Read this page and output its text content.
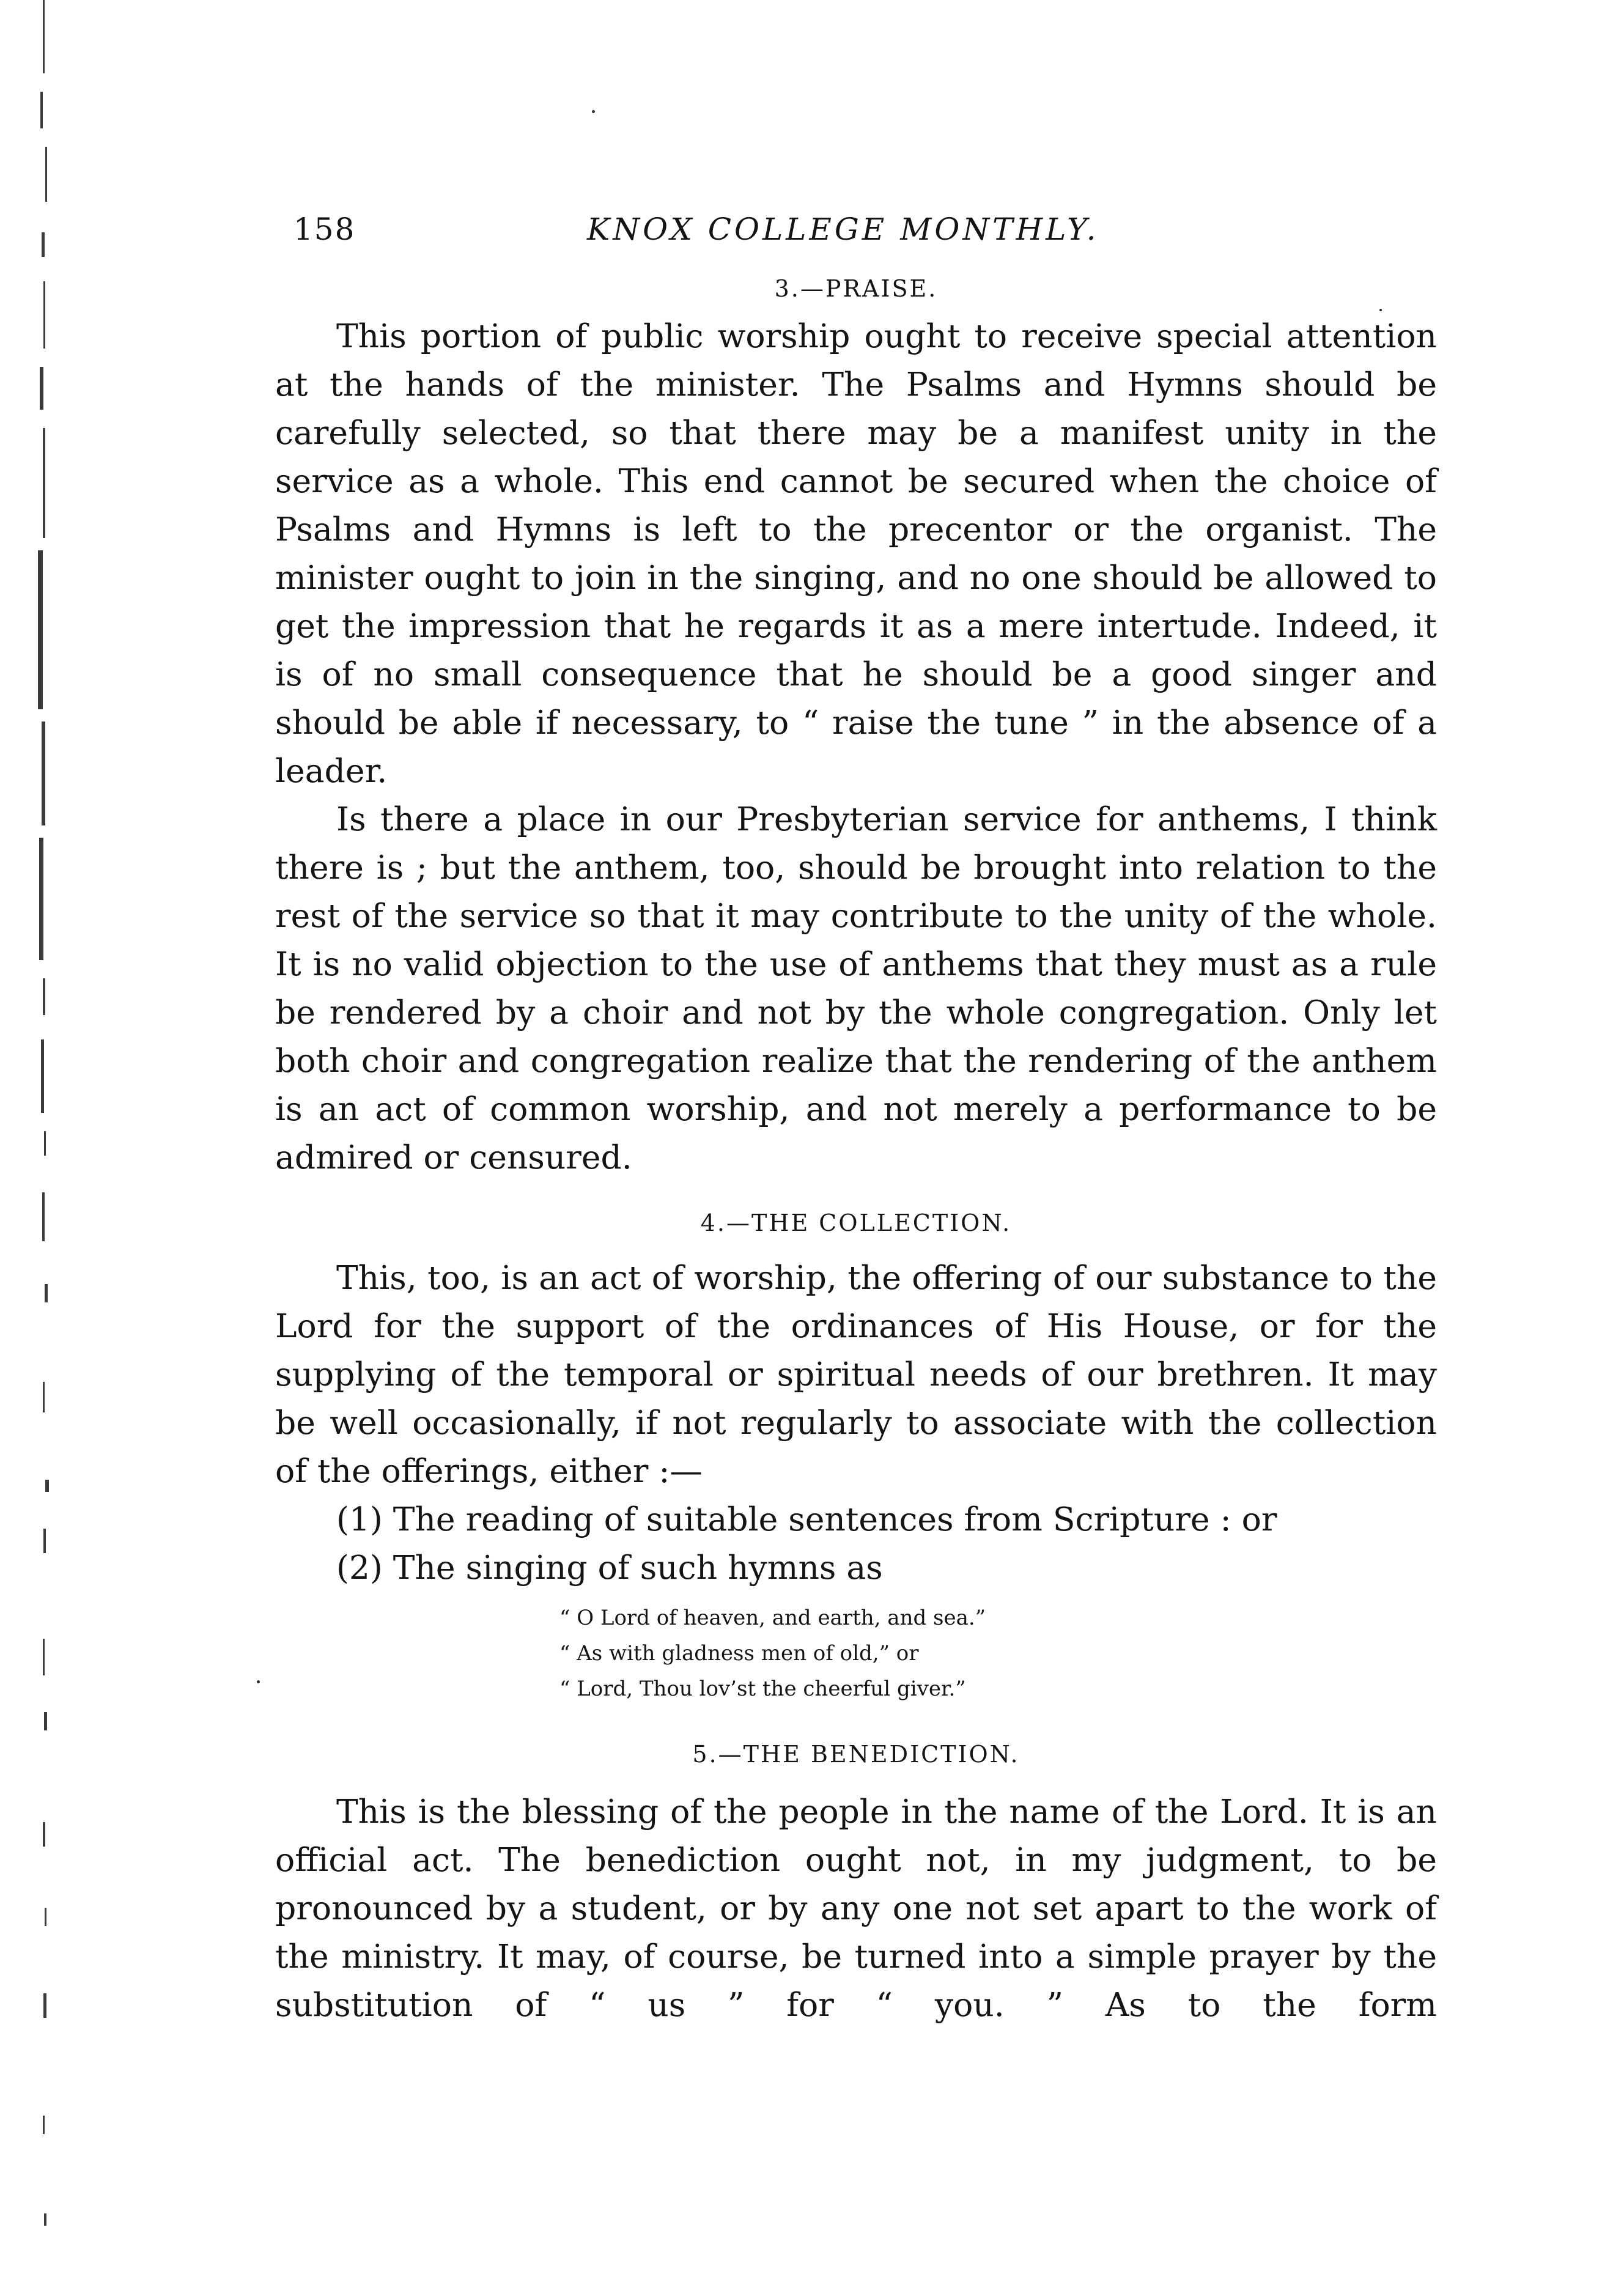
158	KNOX COLLEGE MONTHLY.
3.—PRAISE.

This portion of public worship ought to receive special attention at the hands of the minister. The Psalms and Hymns should be carefully selected, so that there may be a manifest unity in the service as a whole. This end cannot be secured when the choice of Psalms and Hymns is left to the precentor or the organist. The minister ought to join in the singing, and no one should be allowed to get the impression that he regards it as a mere intertude. Indeed, it is of no small consequence that he should be a good singer and should be able if necessary, to “ raise the tune ” in the absence of a leader.

Is there a place in our Presbyterian service for anthems, I think there is ; but the anthem, too, should be brought into relation to the rest of the service so that it may contribute to the unity of the whole. It is no valid objection to the use of anthems that they must as a rule be rendered by a choir and not by the whole congregation. Only let both choir and congregation realize that the rendering of the anthem is an act of common worship, and not merely a performance to be admired or censured.

4.—THE COLLECTION.

This, too, is an act of worship, the offering of our substance to the Lord for the support of the ordinances of His House, or for the supplying of the temporal or spiritual needs of our brethren. It may be well occasionally, if not regularly to associate with the collection of the offerings, either :—

(1) The reading of suitable sentences from Scripture : or

(2) The singing of such hymns as

“ O Lord of heaven, and earth, and sea.”
“ As with gladness men of old,” or
“ Lord, Thou lov’st the cheerful giver.”
5.—THE BENEDICTION.

This is the blessing of the people in the name of the Lord. It is an official act. The benediction ought not, in my judgment, to be pronounced by a student, or by any one not set apart to the work of the ministry. It may, of course, be turned into a simple prayer by the substitution of “ us ” for “ you. ” As to the form
